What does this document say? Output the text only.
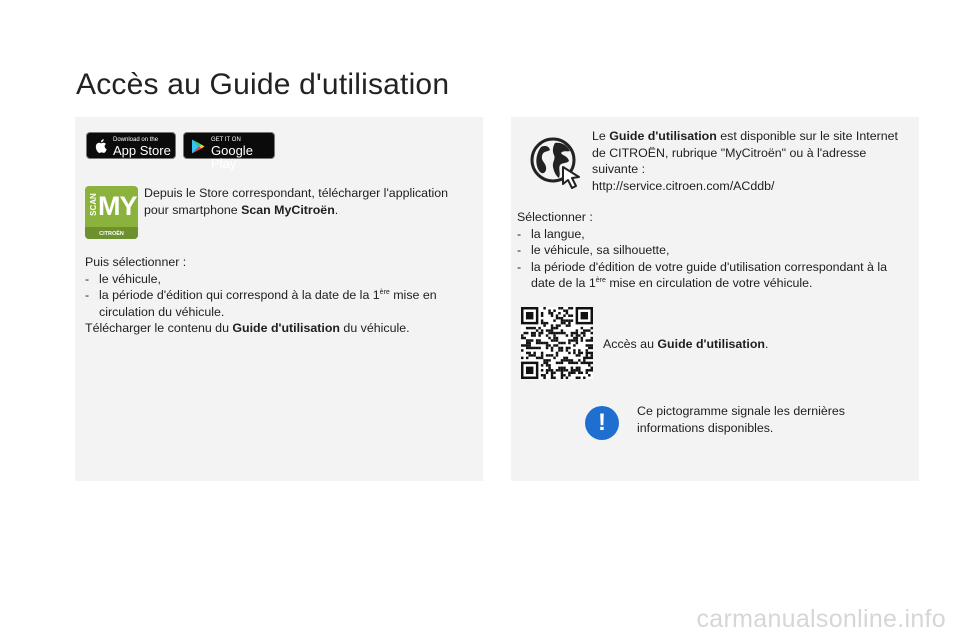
Accès au Guide d'utilisation
Download on the
App Store
GET IT ON
Google Play
SCAN MY
CITROËN
Depuis le Store correspondant, télécharger l'application pour smartphone Scan MyCitroën.
Puis sélectionner :
- le véhicule,
- la période d'édition qui correspond à la date de la 1ère mise en circulation du véhicule.
Télécharger le contenu du Guide d'utilisation du véhicule.
Le Guide d'utilisation est disponible sur le site Internet de CITROËN, rubrique "MyCitroën" ou à l'adresse suivante :
http://service.citroen.com/ACddb/
Sélectionner :
- la langue,
- le véhicule, sa silhouette,
- la période d'édition de votre guide d'utilisation correspondant à la date de la 1ère mise en circulation de votre véhicule.
Accès au Guide d'utilisation.
!	Ce pictogramme signale les dernières informations disponibles.
carmanualsonline.info
